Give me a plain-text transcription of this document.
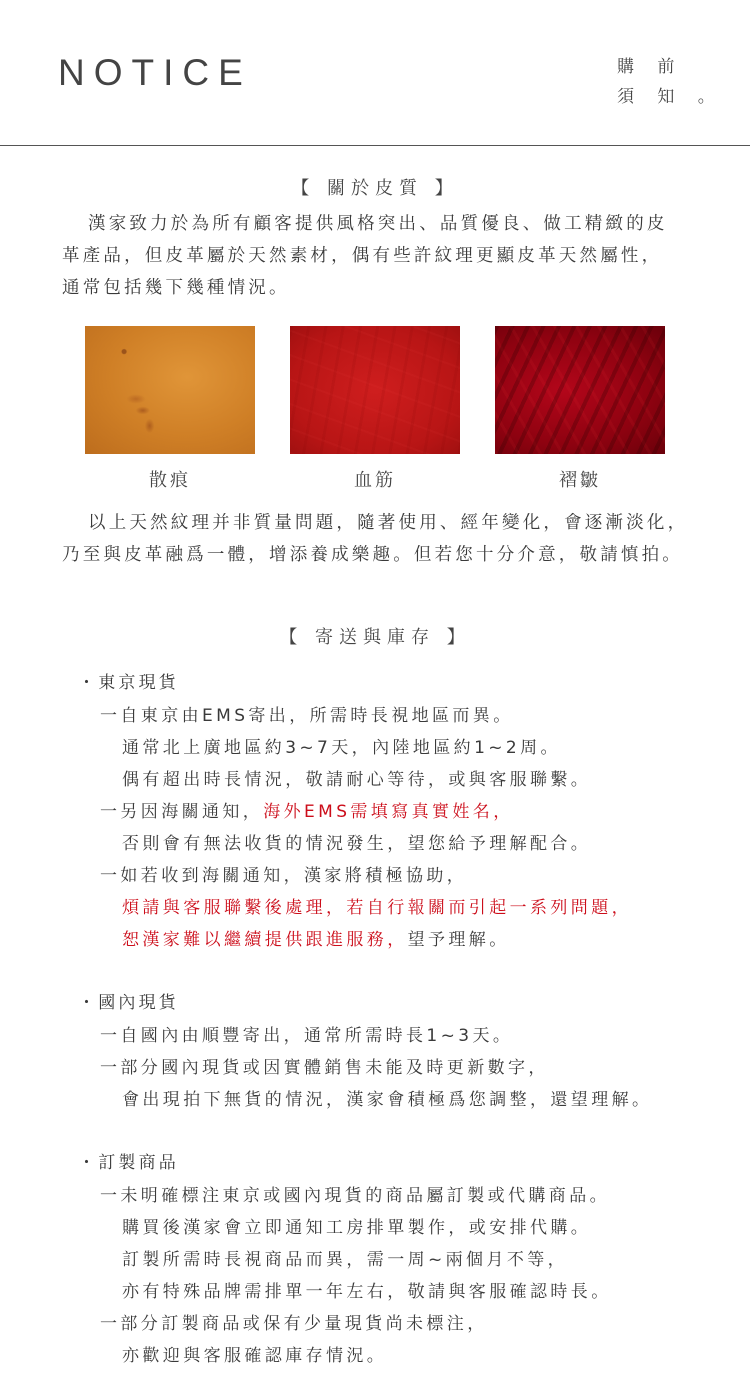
NOTICE	購 前
須 知 。
【 關於皮質 】
漢家致力於為所有顧客提供風格突出、品質優良、做工精緻的皮
革產品，但皮革屬於天然素材，偶有些許紋理更顯皮革天然屬性，
通常包括幾下幾種情況。
散痕	血筋	褶皺
以上天然紋理并非質量問題，隨著使用、經年變化，會逐漸淡化，
乃至與皮革融爲一體，增添養成樂趣。但若您十分介意，敬請慎拍。
【 寄送與庫存 】
・東京現貨
一自東京由EMS寄出，所需時長視地區而異。
通常北上廣地區約3~7天，內陸地區約1~2周。
偶有超出時長情況，敬請耐心等待，或與客服聯繫。
一另因海關通知，海外EMS需填寫真實姓名，
否則會有無法收貨的情況發生，望您給予理解配合。
一如若收到海關通知，漢家將積極協助，
煩請與客服聯繫後處理，若自行報關而引起一系列問題，
恕漢家難以繼續提供跟進服務，望予理解。
・國內現貨
一自國內由順豐寄出，通常所需時長1~3天。
一部分國內現貨或因實體銷售未能及時更新數字，
會出現拍下無貨的情況，漢家會積極爲您調整，還望理解。
・訂製商品
一未明確標注東京或國內現貨的商品屬訂製或代購商品。
購買後漢家會立即通知工房排單製作，或安排代購。
訂製所需時長視商品而異，需一周~兩個月不等，
亦有特殊品牌需排單一年左右，敬請與客服確認時長。
一部分訂製商品或保有少量現貨尚未標注，
亦歡迎與客服確認庫存情況。
